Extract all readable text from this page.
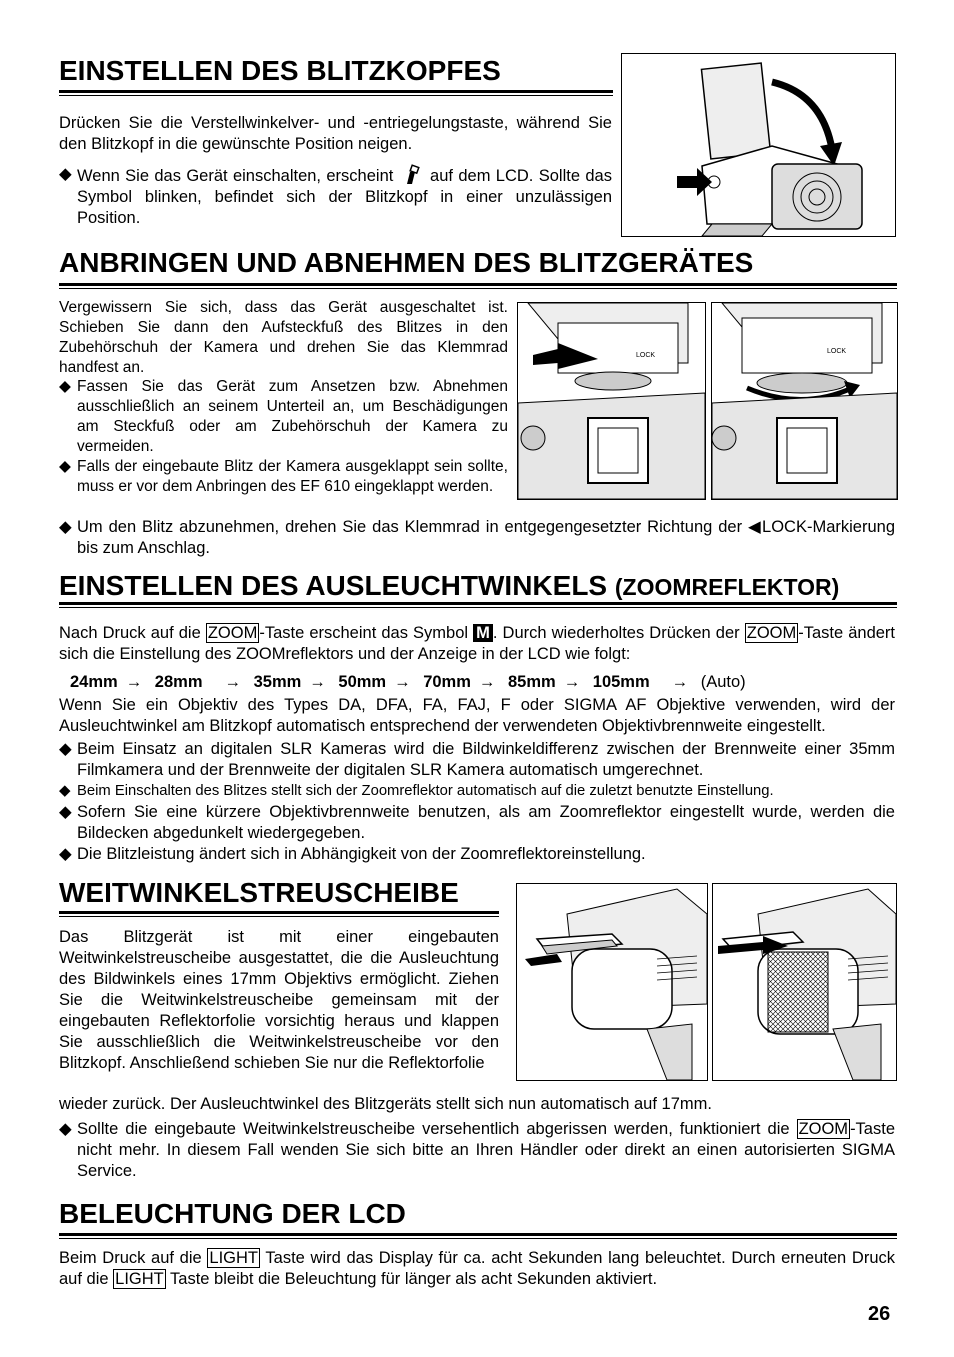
EINSTELLEN DES BLITZKOPFES
Drücken Sie die Verstellwinkelver- und -entriegelungstaste, während Sie den Blitzkopf in die gewünschte Position neigen.
◆ Wenn Sie das Gerät einschalten, erscheint auf dem LCD. Sollte das Symbol blinken, befindet sich der Blitzkopf in einer unzulässigen Position.
ANBRINGEN UND ABNEHMEN DES BLITZGERÄTES
Vergewissern Sie sich, dass das Gerät ausgeschaltet ist. Schieben Sie dann den Aufsteckfuß des Blitzes in den Zubehörschuh der Kamera und drehen Sie das Klemmrad handfest an.
◆ Fassen Sie das Gerät zum Ansetzen bzw. Abnehmen ausschließlich an seinem Unterteil an, um Beschädigungen am Steckfuß oder am Zubehörschuh der Kamera zu vermeiden.
◆ Falls der eingebaute Blitz der Kamera ausgeklappt sein sollte, muss er vor dem Anbringen des EF 610 eingeklappt werden.
◆ Um den Blitz abzunehmen, drehen Sie das Klemmrad in entgegengesetzter Richtung der ◀LOCK-Markierung bis zum Anschlag.
LOCK
LOCK
EINSTELLEN DES AUSLEUCHTWINKELS (ZOOMREFLEKTOR)
Nach Druck auf die ZOOM -Taste erscheint das Symbol M . Durch wiederholtes Drücken der ZOOM -Taste ändert sich die Einstellung des ZOOMreflektors und der Anzeige in der LCD wie folgt:
24mm → 28mm → 35mm → 50mm → 70mm → 85mm → 105mm → (Auto)
Wenn Sie ein Objektiv des Types DA, DFA, FA, FAJ, F oder SIGMA AF Objektive verwenden, wird der Ausleuchtwinkel am Blitzkopf automatisch entsprechend der verwendeten Objektivbrennweite eingestellt.
◆ Beim Einsatz an digitalen SLR Kameras wird die Bildwinkeldifferenz zwischen der Brennweite einer 35mm Filmkamera und der Brennweite der digitalen SLR Kamera automatisch umgerechnet.
◆ Beim Einschalten des Blitzes stellt sich der Zoomreflektor automatisch auf die zuletzt benutzte Einstellung.
◆ Sofern Sie eine kürzere Objektivbrennweite benutzen, als am Zoomreflektor eingestellt wurde, werden die Bildecken abgedunkelt wiedergegeben.
◆ Die Blitzleistung ändert sich in Abhängigkeit von der Zoomreflektoreinstellung.
WEITWINKELSTREUSCHEIBE
Das Blitzgerät ist mit einer eingebauten Weitwinkelstreuscheibe ausgestattet, die die Ausleuchtung des Bildwinkels eines 17mm Objektivs ermöglicht. Ziehen Sie die Weitwinkelstreuscheibe gemeinsam mit der eingebauten Reflektorfolie vorsichtig heraus und klappen Sie ausschließlich die Weitwinkelstreuscheibe vor den Blitzkopf. Anschließend schieben Sie nur die Reflektorfolie
wieder zurück. Der Ausleuchtwinkel des Blitzgeräts stellt sich nun automatisch auf 17mm.
◆ Sollte die eingebaute Weitwinkelstreuscheibe versehentlich abgerissen werden, funktioniert die ZOOM -Taste nicht mehr. In diesem Fall wenden Sie sich bitte an Ihren Händler oder direkt an einen autorisierten SIGMA Service.
BELEUCHTUNG DER LCD
Beim Druck auf die LIGHT Taste wird das Display für ca. acht Sekunden lang beleuchtet. Durch erneuten Druck auf die LIGHT Taste bleibt die Beleuchtung für länger als acht Sekunden aktiviert.
26
